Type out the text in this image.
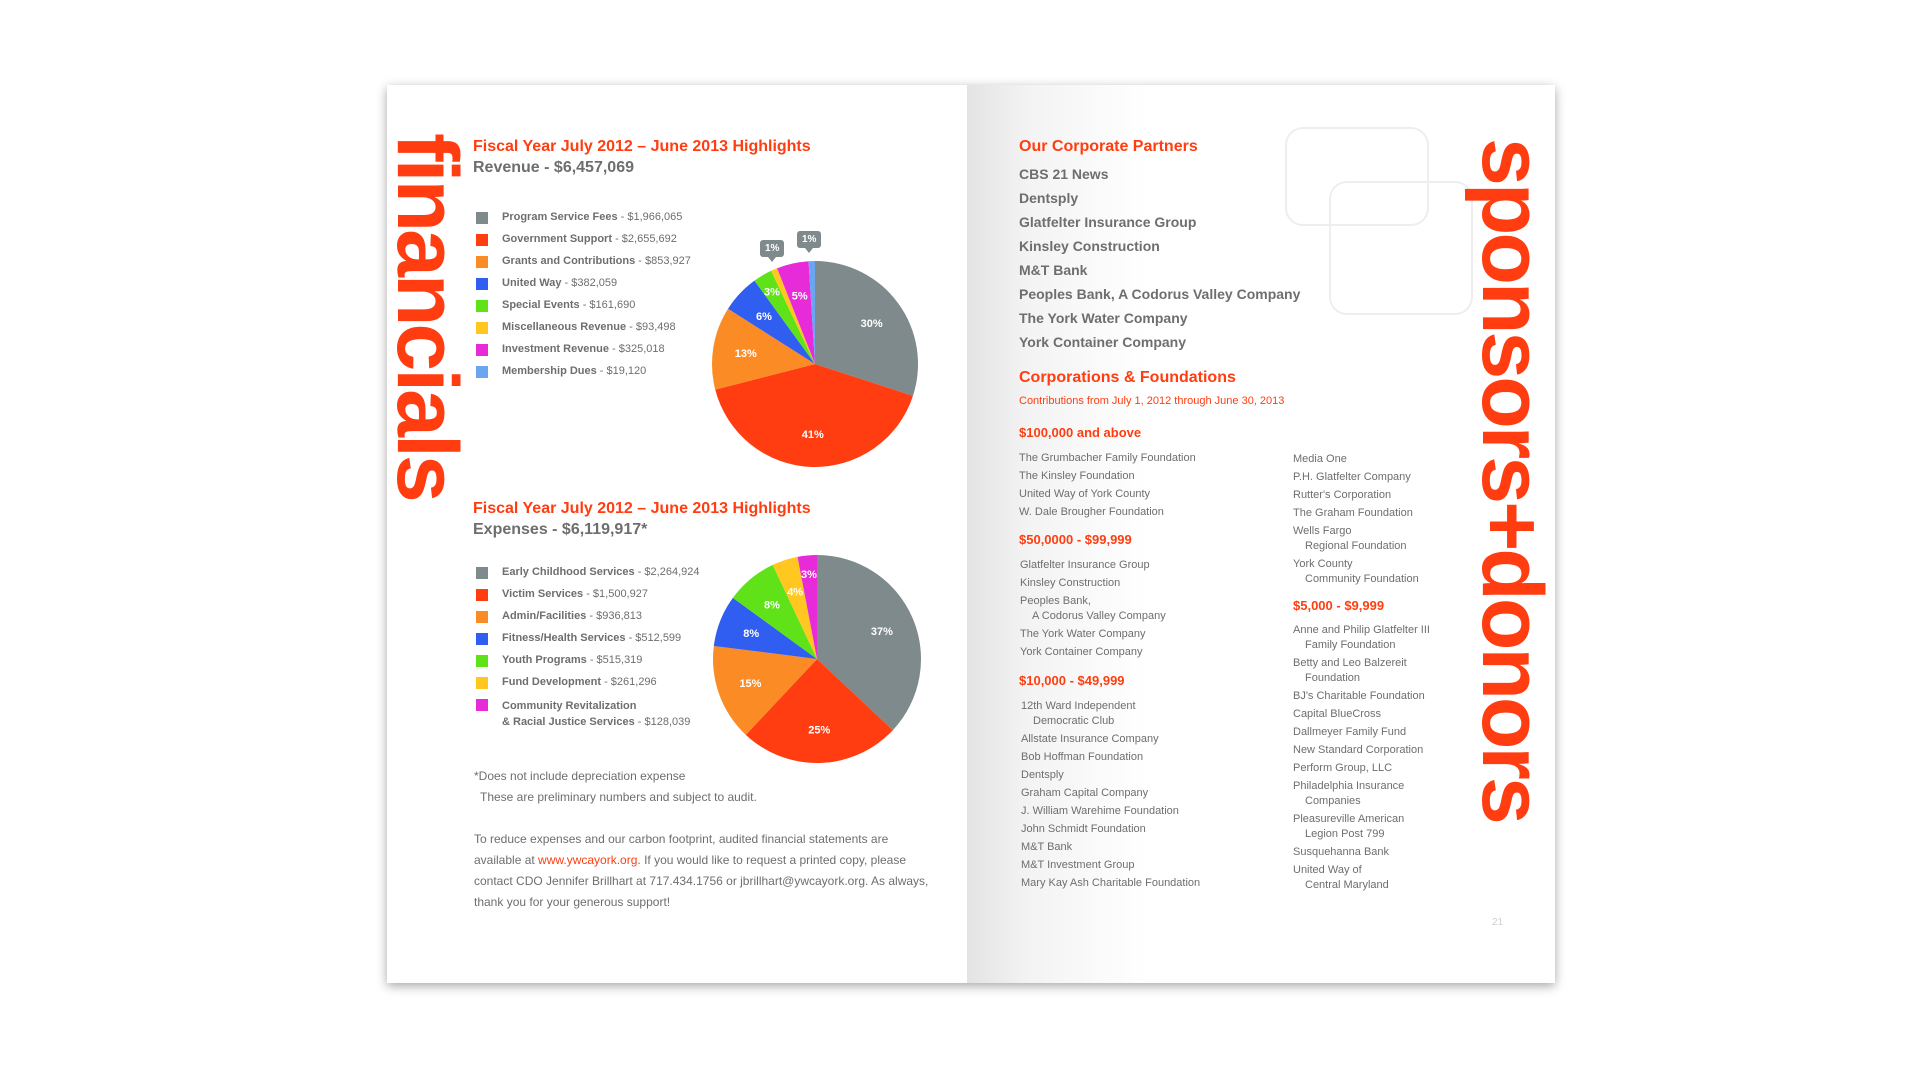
financials	sponsors+donors
Fiscal Year July 2012 – June 2013 Highlights
Revenue - $6,457,069
Program Service Fees - $1,966,065
Government Support - $2,655,692
Grants and Contributions - $853,927
United Way - $382,059
Special Events - $161,690
Miscellaneous Revenue - $93,498
Investment Revenue - $325,018
Membership Dues - $19,120
30%
41%
13%
6%
3% 5%
1%
1%
Fiscal Year July 2012 – June 2013 Highlights
Expenses - $6,119,917*
Early Childhood Services - $2,264,924
Victim Services - $1,500,927
Admin/Facilities - $936,813
Fitness/Health Services - $512,599
Youth Programs - $515,319
Fund Development - $261,296
Community Revitalization
& Racial Justice Services - $128,039
37%
25%
15%
8%
8%
4%
3%
*Does not include depreciation expense
These are preliminary numbers and subject to audit.
To reduce expenses and our carbon footprint, audited financial statements are available at www.ywcayork.org. If you would like to request a printed copy, please contact CDO Jennifer Brillhart at 717.434.1756 or jbrillhart@ywcayork.org. As always, thank you for your generous support!
Our Corporate Partners
CBS 21 News
Dentsply
Glatfelter Insurance Group
Kinsley Construction
M&T Bank
Peoples Bank, A Codorus Valley Company
The York Water Company
York Container Company
Corporations & Foundations
Contributions from July 1, 2012 through June 30, 2013
$100,000 and above
The Grumbacher Family Foundation
The Kinsley Foundation
United Way of York County
W. Dale Brougher Foundation
$50,0000 - $99,999
Glatfelter Insurance Group
Kinsley Construction
Peoples Bank,
A Codorus Valley Company
The York Water Company
York Container Company
$10,000 - $49,999
12th Ward Independent
Democratic Club
Allstate Insurance Company
Bob Hoffman Foundation
Dentsply
Graham Capital Company
J. William Warehime Foundation
John Schmidt Foundation
M&T Bank
M&T Investment Group
Mary Kay Ash Charitable Foundation
Media One
P.H. Glatfelter Company
Rutter's Corporation
The Graham Foundation
Wells Fargo
Regional Foundation
York County
Community Foundation
$5,000 - $9,999
Anne and Philip Glatfelter III
Family Foundation
Betty and Leo Balzereit
Foundation
BJ's Charitable Foundation
Capital BlueCross
Dallmeyer Family Fund
New Standard Corporation
Perform Group, LLC
Philadelphia Insurance
Companies
Pleasureville American
Legion Post 799
Susquehanna Bank
United Way of
Central Maryland
21
